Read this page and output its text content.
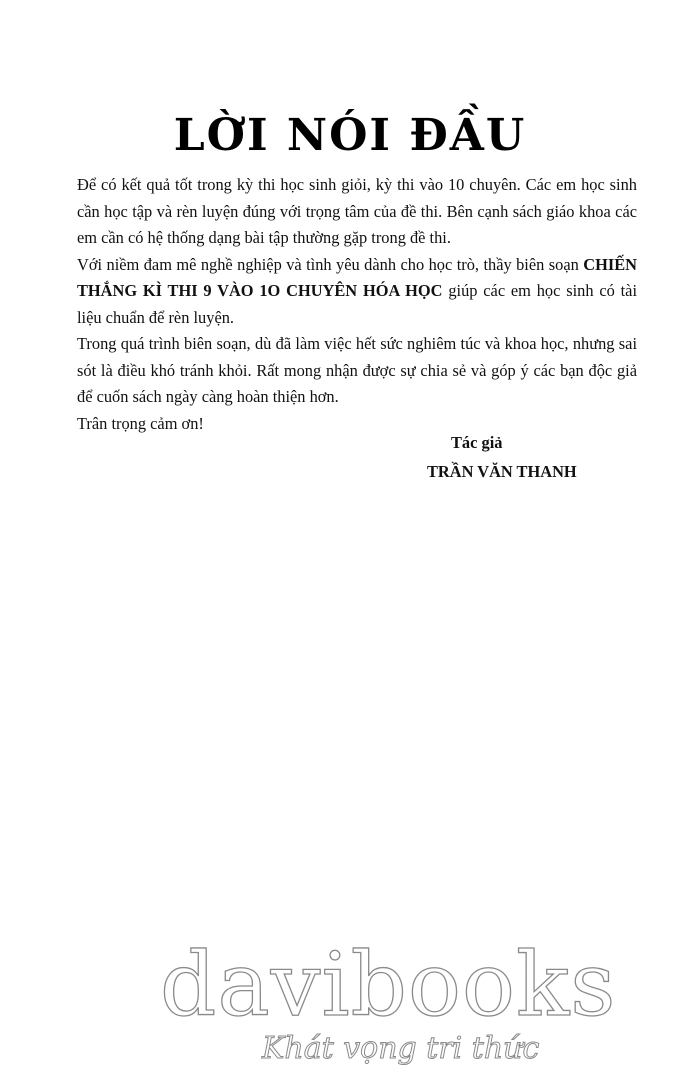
LỜI NÓI ĐẦU

Để có kết quả tốt trong kỳ thi học sinh giỏi, kỳ thi vào 10 chuyên. Các em học sinh cần học tập và rèn luyện đúng với trọng tâm của đề thi. Bên cạnh sách giáo khoa các em cần có hệ thống dạng bài tập thường gặp trong đề thi.

Với niềm đam mê nghề nghiệp và tình yêu dành cho học trò, thầy biên soạn CHIẾN THẮNG KÌ THI 9 VÀO 1O CHUYÊN HÓA HỌC giúp các em học sinh có tài liệu chuẩn để rèn luyện.

Trong quá trình biên soạn, dù đã làm việc hết sức nghiêm túc và khoa học, nhưng sai sót là điều khó tránh khỏi. Rất mong nhận được sự chia sẻ và góp ý các bạn độc giả để cuốn sách ngày càng hoàn thiện hơn.

Trân trọng cảm ơn!

Tác giả
TRẦN VĂN THANH
davibooks
Khát vọng tri thức
